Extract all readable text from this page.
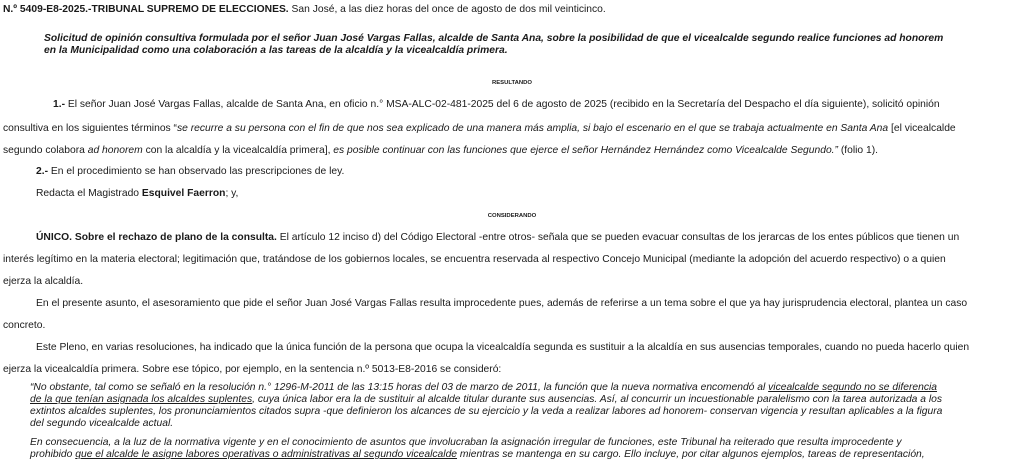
N.º 5409-E8-2025.-TRIBUNAL SUPREMO DE ELECCIONES. San José, a las diez horas del once de agosto de dos mil veinticinco.

Solicitud de opinión consultiva formulada por el señor Juan José Vargas Fallas, alcalde de Santa Ana, sobre la posibilidad de que el vicealcalde segundo realice funciones ad honorem

en la Municipalidad como una colaboración a las tareas de la alcaldía y la vicealcaldía primera.

RESULTANDO

1.- El señor Juan José Vargas Fallas, alcalde de Santa Ana, en oficio n.° MSA-ALC-02-481-2025 del 6 de agosto de 2025 (recibido en la Secretaría del Despacho el día siguiente), solicitó opinión

consultiva en los siguientes términos “se recurre a su persona con el fin de que nos sea explicado de una manera más amplia, si bajo el escenario en el que se trabaja actualmente en Santa Ana [el vicealcalde

segundo colabora ad honorem con la alcaldía y la vicealcaldía primera], es posible continuar con las funciones que ejerce el señor Hernández Hernández como Vicealcalde Segundo.” (folio 1).

2.- En el procedimiento se han observado las prescripciones de ley.

Redacta el Magistrado Esquivel Faerron; y,

CONSIDERANDO

ÚNICO. Sobre el rechazo de plano de la consulta. El artículo 12 inciso d) del Código Electoral -entre otros- señala que se pueden evacuar consultas de los jerarcas de los entes públicos que tienen un

interés legítimo en la materia electoral; legitimación que, tratándose de los gobiernos locales, se encuentra reservada al respectivo Concejo Municipal (mediante la adopción del acuerdo respectivo) o a quien

ejerza la alcaldía.

En el presente asunto, el asesoramiento que pide el señor Juan José Vargas Fallas resulta improcedente pues, además de referirse a un tema sobre el que ya hay jurisprudencia electoral, plantea un caso

concreto.

Este Pleno, en varias resoluciones, ha indicado que la única función de la persona que ocupa la vicealcaldía segunda es sustituir a la alcaldía en sus ausencias temporales, cuando no pueda hacerlo quien

ejerza la vicealcaldía primera. Sobre ese tópico, por ejemplo, en la sentencia n.º 5013-E8-2016 se consideró:

“No obstante, tal como se señaló en la resolución n.° 1296-M-2011 de las 13:15 horas del 03 de marzo de 2011, la función que la nueva normativa encomendó al vicealcalde segundo no se diferencia

de la que tenían asignada los alcaldes suplentes, cuya única labor era la de sustituir al alcalde titular durante sus ausencias. Así, al concurrir un incuestionable paralelismo con la tarea autorizada a los

extintos alcaldes suplentes, los pronunciamientos citados supra -que definieron los alcances de su ejercicio y la veda a realizar labores ad honorem- conservan vigencia y resultan aplicables a la figura

del segundo vicealcalde actual.

En consecuencia, a la luz de la normativa vigente y en el conocimiento de asuntos que involucraban la asignación irregular de funciones, este Tribunal ha reiterado que resulta improcedente y

prohibido que el alcalde le asigne labores operativas o administrativas al segundo vicealcalde mientras se mantenga en su cargo. Ello incluye, por citar algunos ejemplos, tareas de representación,
